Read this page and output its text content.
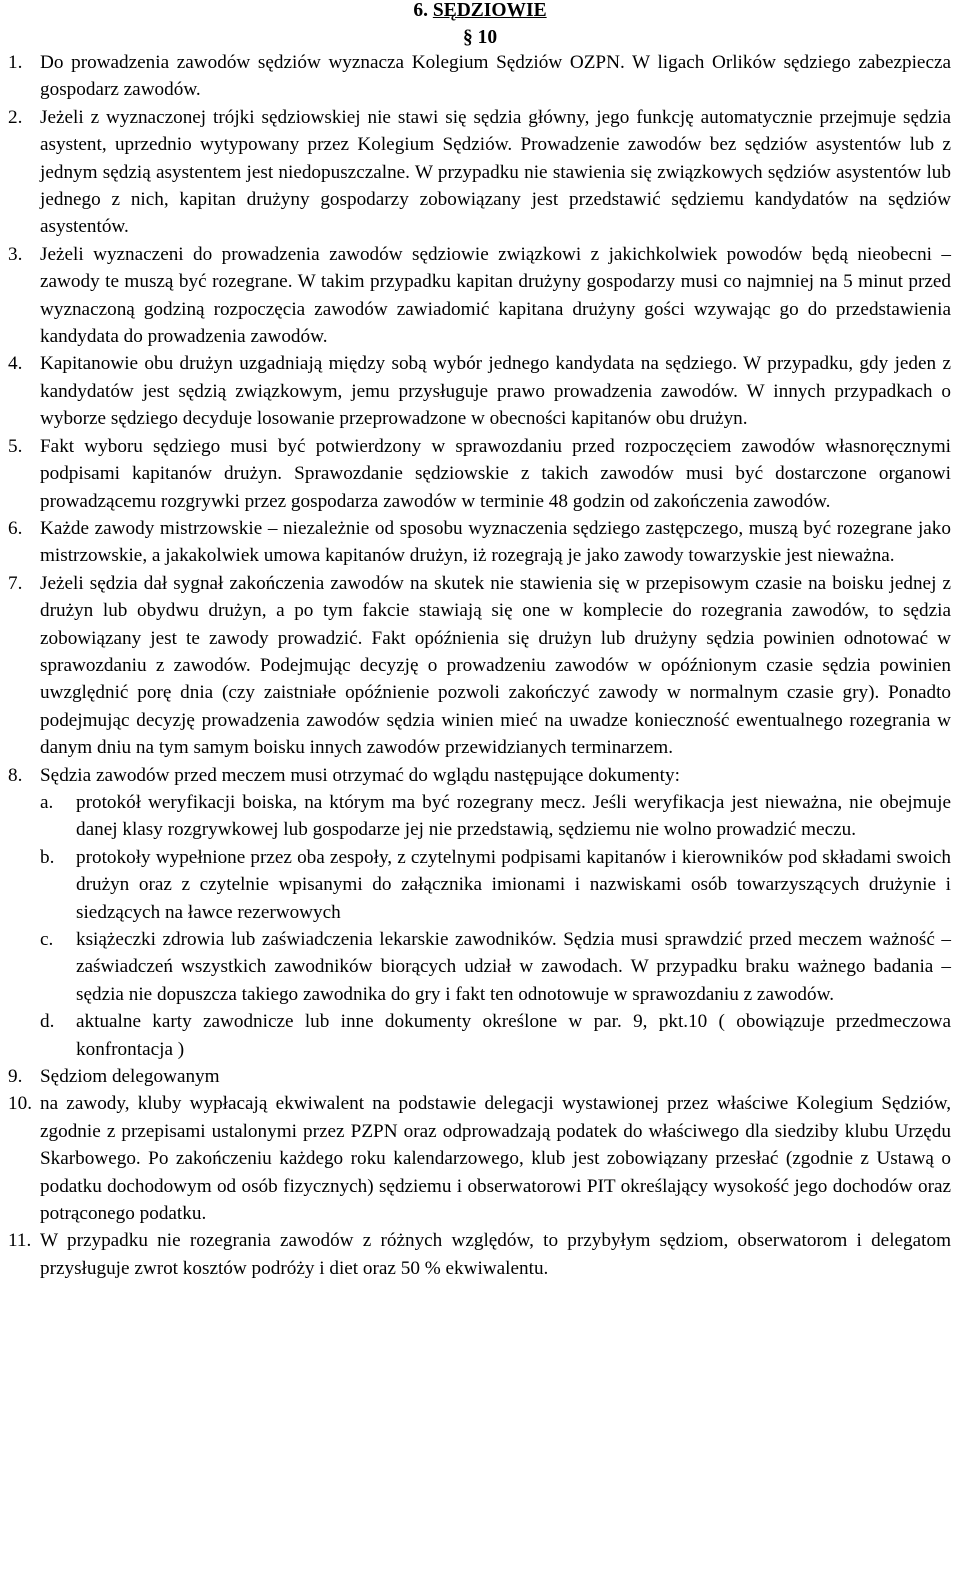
6. SĘDZIOWIE
§ 10
1. Do prowadzenia zawodów sędziów wyznacza Kolegium Sędziów OZPN. W ligach Orlików sędziego zabezpiecza gospodarz zawodów.
2. Jeżeli z wyznaczonej trójki sędziowskiej nie stawi się sędzia główny, jego funkcję automatycznie przejmuje sędzia asystent, uprzednio wytypowany przez Kolegium Sędziów. Prowadzenie zawodów bez sędziów asystentów lub z jednym sędzią asystentem jest niedopuszczalne. W przypadku nie stawienia się związkowych sędziów asystentów lub jednego z nich, kapitan drużyny gospodarzy zobowiązany jest przedstawić sędziemu kandydatów na sędziów asystentów.
3. Jeżeli wyznaczeni do prowadzenia zawodów sędziowie związkowi z jakichkolwiek powodów będą nieobecni – zawody te muszą być rozegrane. W takim przypadku kapitan drużyny gospodarzy musi co najmniej na 5 minut przed wyznaczoną godziną rozpoczęcia zawodów zawiadomić kapitana drużyny gości wzywając go do przedstawienia kandydata do prowadzenia zawodów.
4. Kapitanowie obu drużyn uzgadniają między sobą wybór jednego kandydata na sędziego. W przypadku, gdy jeden z kandydatów jest sędzią związkowym, jemu przysługuje prawo prowadzenia zawodów. W innych przypadkach o wyborze sędziego decyduje losowanie przeprowadzone w obecności kapitanów obu drużyn.
5. Fakt wyboru sędziego musi być potwierdzony w sprawozdaniu przed rozpoczęciem zawodów własnoręcznymi podpisami kapitanów drużyn. Sprawozdanie sędziowskie z takich zawodów musi być dostarczone organowi prowadzącemu rozgrywki przez gospodarza zawodów w terminie 48 godzin od zakończenia zawodów.
6. Każde zawody mistrzowskie – niezależnie od sposobu wyznaczenia sędziego zastępczego, muszą być rozegrane jako mistrzowskie, a jakakolwiek umowa kapitanów drużyn, iż rozegrają je jako zawody towarzyskie jest nieważna.
7. Jeżeli sędzia dał sygnał zakończenia zawodów na skutek nie stawienia się w przepisowym czasie na boisku jednej z drużyn lub obydwu drużyn, a po tym fakcie stawiają się one w komplecie do rozegrania zawodów, to sędzia zobowiązany jest te zawody prowadzić. Fakt opóźnienia się drużyn lub drużyny sędzia powinien odnotować w sprawozdaniu z zawodów. Podejmując decyzję o prowadzeniu zawodów w opóźnionym czasie sędzia powinien uwzględnić porę dnia (czy zaistniałe opóźnienie pozwoli zakończyć zawody w normalnym czasie gry). Ponadto podejmując decyzję prowadzenia zawodów sędzia winien mieć na uwadze konieczność ewentualnego rozegrania w danym dniu na tym samym boisku innych zawodów przewidzianych terminarzem.
8. Sędzia zawodów przed meczem musi otrzymać do wglądu następujące dokumenty:
a. protokół weryfikacji boiska, na którym ma być rozegrany mecz. Jeśli weryfikacja jest nieważna, nie obejmuje danej klasy rozgrywkowej lub gospodarze jej nie przedstawią, sędziemu nie wolno prowadzić meczu.
b. protokoły wypełnione przez oba zespoły, z czytelnymi podpisami kapitanów i kierowników pod składami swoich drużyn oraz z czytelnie wpisanymi do załącznika imionami i nazwiskami osób towarzyszących drużynie i siedzących na ławce rezerwowych
c. książeczki zdrowia lub zaświadczenia lekarskie zawodników. Sędzia musi sprawdzić przed meczem ważność – zaświadczeń wszystkich zawodników biorących udział w zawodach. W przypadku braku ważnego badania – sędzia nie dopuszcza takiego zawodnika do gry i fakt ten odnotowuje w sprawozdaniu z zawodów.
d. aktualne karty zawodnicze lub inne dokumenty określone w par. 9, pkt.10 ( obowiązuje przedmeczowa konfrontacja )
9. Sędziom delegowanym
10. na zawody, kluby wypłacają ekwiwalent na podstawie delegacji wystawionej przez właściwe Kolegium Sędziów, zgodnie z przepisami ustalonymi przez PZPN oraz odprowadzają podatek do właściwego dla siedziby klubu Urzędu Skarbowego. Po zakończeniu każdego roku kalendarzowego, klub jest zobowiązany przesłać (zgodnie z Ustawą o podatku dochodowym od osób fizycznych) sędziemu i obserwatorowi PIT określający wysokość jego dochodów oraz potrąconego podatku.
11. W przypadku nie rozegrania zawodów z różnych względów, to przybyłym sędziom, obserwatorom i delegatom przysługuje zwrot kosztów podróży i diet oraz 50 % ekwiwalentu.
